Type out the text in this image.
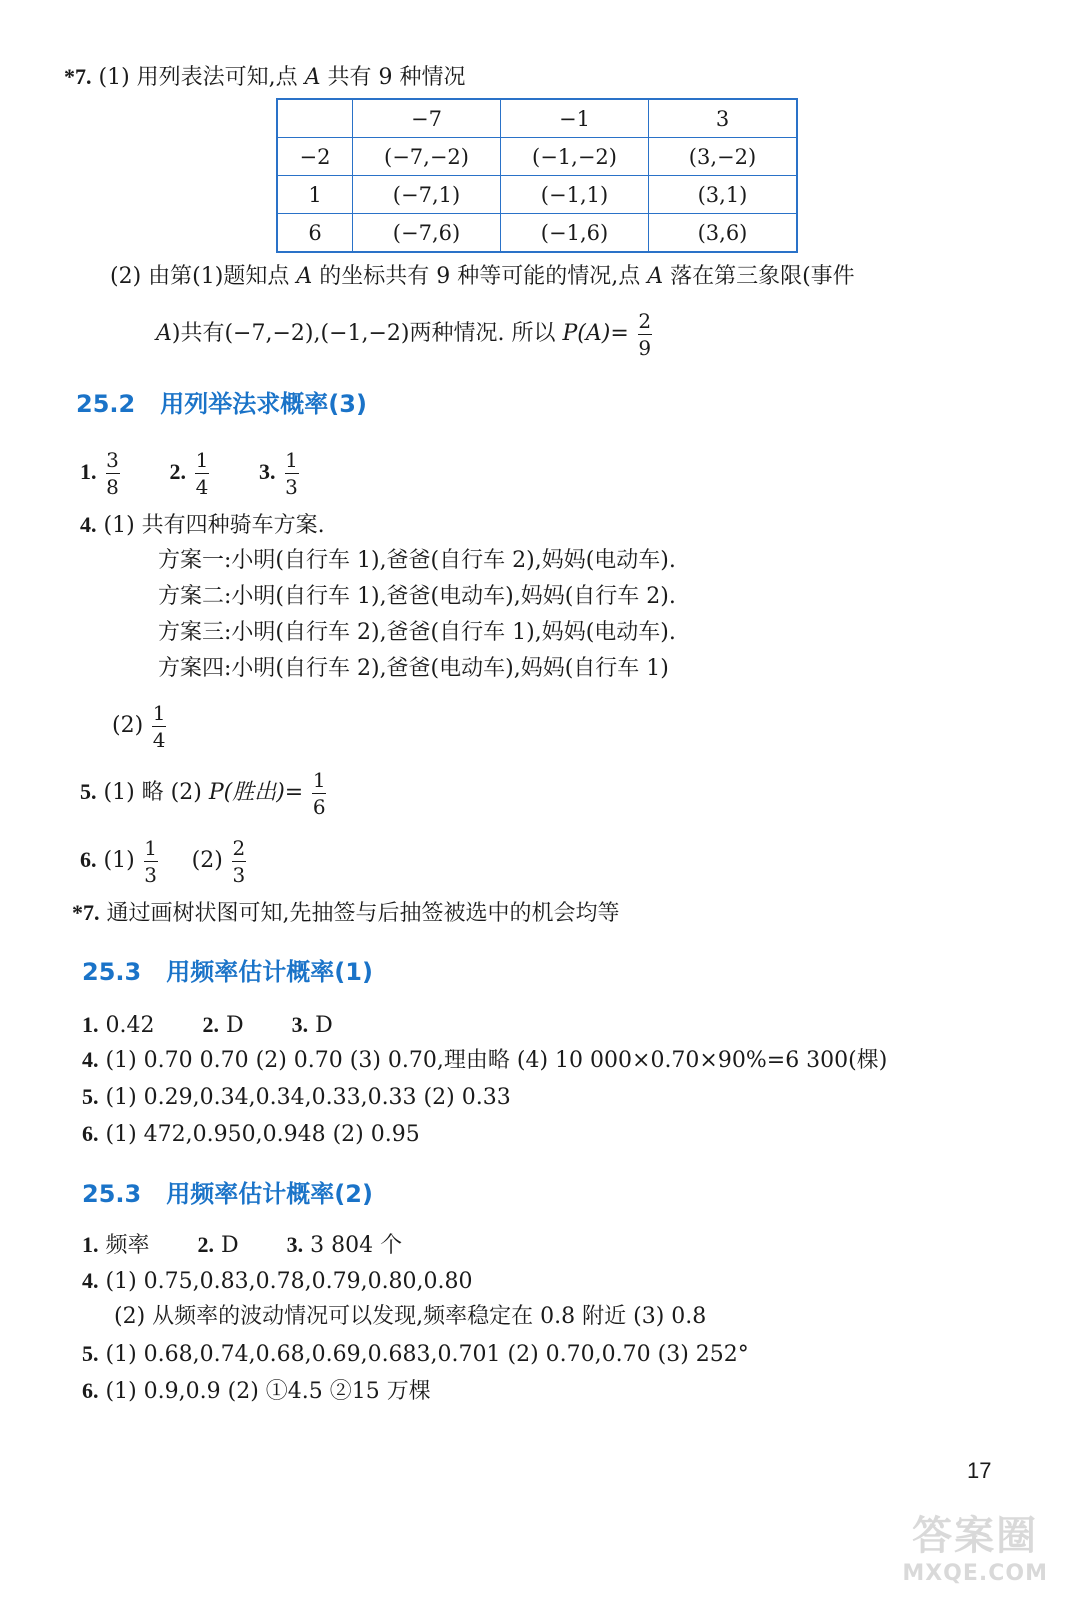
*7. (1) 用列表法可知,点 A 共有 9 种情况
	−7	−1	3
−2	(−7,−2)	(−1,−2)	(3,−2)
1	(−7,1)	(−1,1)	(3,1)
6	(−7,6)	(−1,6)	(3,6)
(2) 由第(1)题知点 A 的坐标共有 9 种等可能的情况,点 A 落在第三象限(事件
A)共有(−7,−2),(−1,−2)两种情况. 所以 $P(A)= \frac{2}{9}$
25.2 用列举法求概率(3)
1. $\frac{3}{8} 2$. $\frac{1}{4} 3$. $\frac{1}{3}$
4. (1) 共有四种骑车方案.
方案一:小明(自行车 1),爸爸(自行车 2),妈妈(电动车).
方案二:小明(自行车 1),爸爸(电动车),妈妈(自行车 2).
方案三:小明(自行车 2),爸爸(自行车 1),妈妈(电动车).
方案四:小明(自行车 2),爸爸(电动车),妈妈(自行车 1)
$(2) \frac{1}{4}$
5. (1) 略 (2) P(胜出)= $\frac{1}{6}$
6. $(1) \frac{1}{3} (2) \frac{2}{3}$
*7. 通过画树状图可知,先抽签与后抽签被选中的机会均等
25.3 用频率估计概率(1)
1. 0.42 2. D 3. D
4. (1) 0.70 0.70 (2) 0.70 (3) 0.70,理由略 (4) 10 000×0.70×90%=6 300(棵)
5. (1) 0.29,0.34,0.34,0.33,0.33 (2) 0.33
6. (1) 472,0.950,0.948 (2) 0.95
25.3 用频率估计概率(2)
1. 频率 2. D 3. 3 804 个
4. (1) 0.75,0.83,0.78,0.79,0.80,0.80
(2) 从频率的波动情况可以发现,频率稳定在 0.8 附近 (3) 0.8
5. (1) 0.68,0.74,0.68,0.69,0.683,0.701 (2) 0.70,0.70 (3) 252°
6. (1) 0.9,0.9 (2) ①4.5 ②15 万棵
17
答案圈
MXQE.COM
